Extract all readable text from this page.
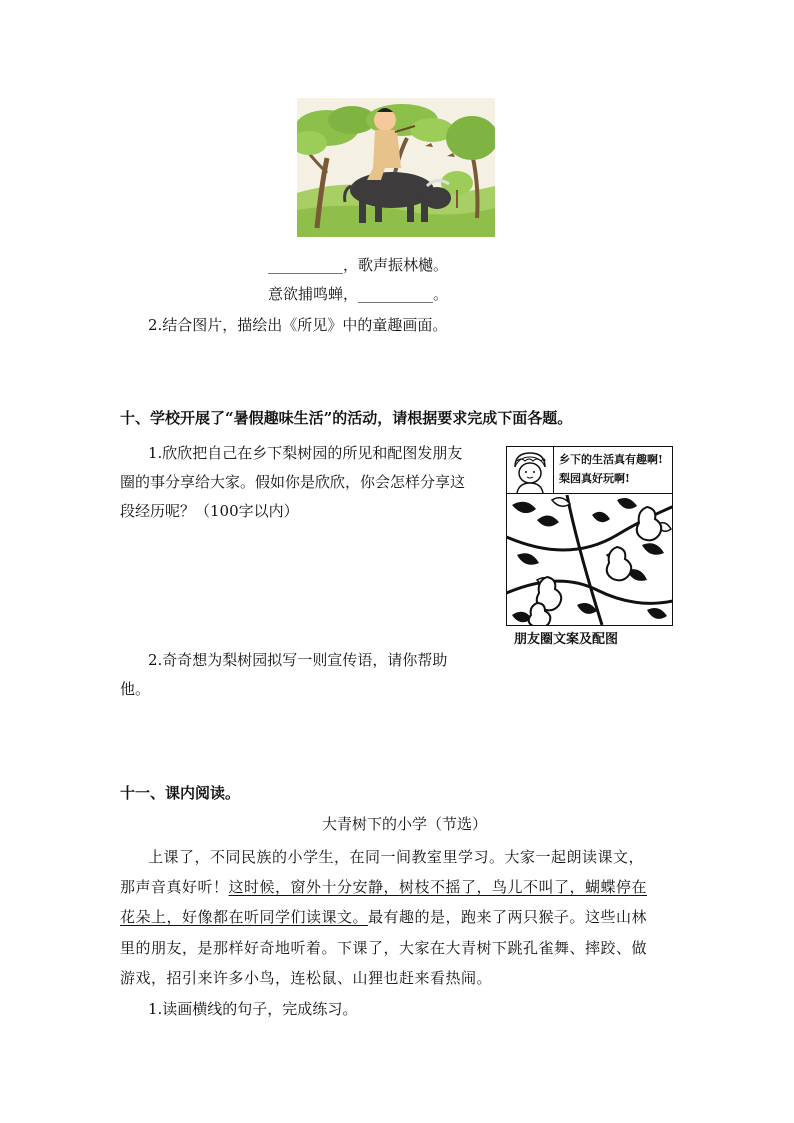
__________，歌声振林樾。
意欲捕鸣蝉，__________。
2.结合图片，描绘出《所见》中的童趣画面。
十、学校开展了“暑假趣味生活”的活动，请根据要求完成下面各题。
1.欣欣把自己在乡下梨树园的所见和配图发朋友
圈的事分享给大家。假如你是欣欣，你会怎样分享这
段经历呢？（100字以内）
乡下的生活真有趣啊!梨园真好玩啊!
朋友圈文案及配图
2.奇奇想为梨树园拟写一则宣传语，请你帮助
他。
十一、课内阅读。
大青树下的小学（节选）
上课了，不同民族的小学生，在同一间教室里学习。大家一起朗读课文，
那声音真好听！这时候，窗外十分安静，树枝不摇了，鸟儿不叫了，蝴蝶停在
花朵上，好像都在听同学们读课文。最有趣的是，跑来了两只猴子。这些山林
里的朋友，是那样好奇地听着。下课了，大家在大青树下跳孔雀舞、摔跤、做
游戏，招引来许多小鸟，连松鼠、山狸也赶来看热闹。
1.读画横线的句子，完成练习。
